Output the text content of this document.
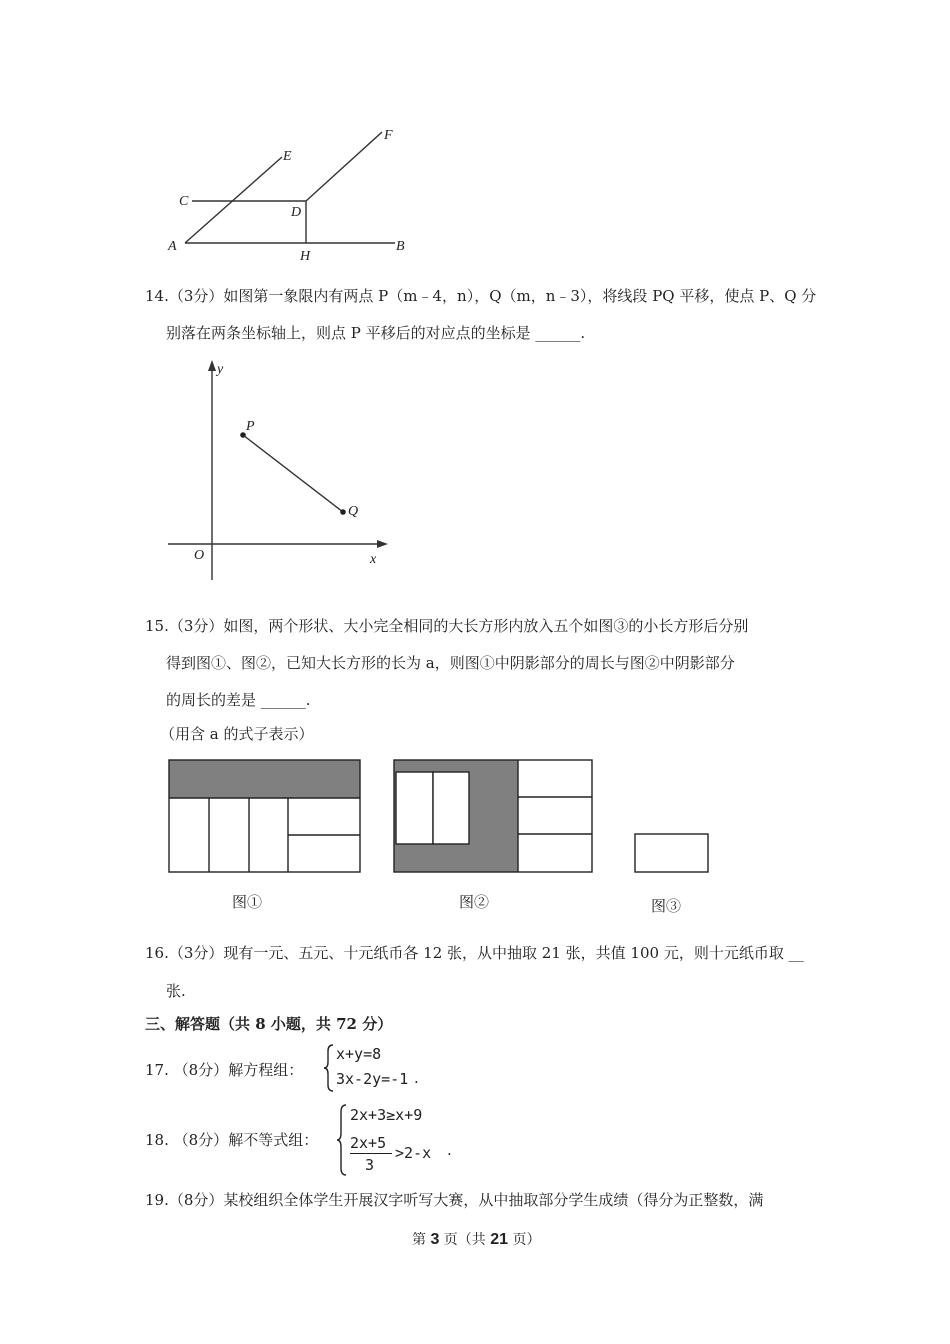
A	B
C
D
E
F
H
14.（3分）如图第一象限内有两点 P（m﹣4，n），Q（m，n﹣3），将线段 PQ 平移，使点 P、Q 分
别落在两条坐标轴上，则点 P 平移后的对应点的坐标是 ______.
y
x
O
P
Q
15.（3分）如图，两个形状、大小完全相同的大长方形内放入五个如图③的小长方形后分别
得到图①、图②，已知大长方形的长为 a，则图①中阴影部分的周长与图②中阴影部分
的周长的差是 ______.
（用含 a 的式子表示）
图①	图②	图③
16.（3分）现有一元、五元、十元纸币各 12 张，从中抽取 21 张，共值 100 元，则十元纸币取 __
张.
三、解答题（共 8 小题，共 72 分）
17. （8分）解方程组：
x+y=8
3x-2y=-1 .
18. （8分）解不等式组：
2x+3≥x+9
2x+5
3
>2-x .
19.（8分）某校组织全体学生开展汉字听写大赛，从中抽取部分学生成绩（得分为正整数，满
第 3 页（共 21 页）
